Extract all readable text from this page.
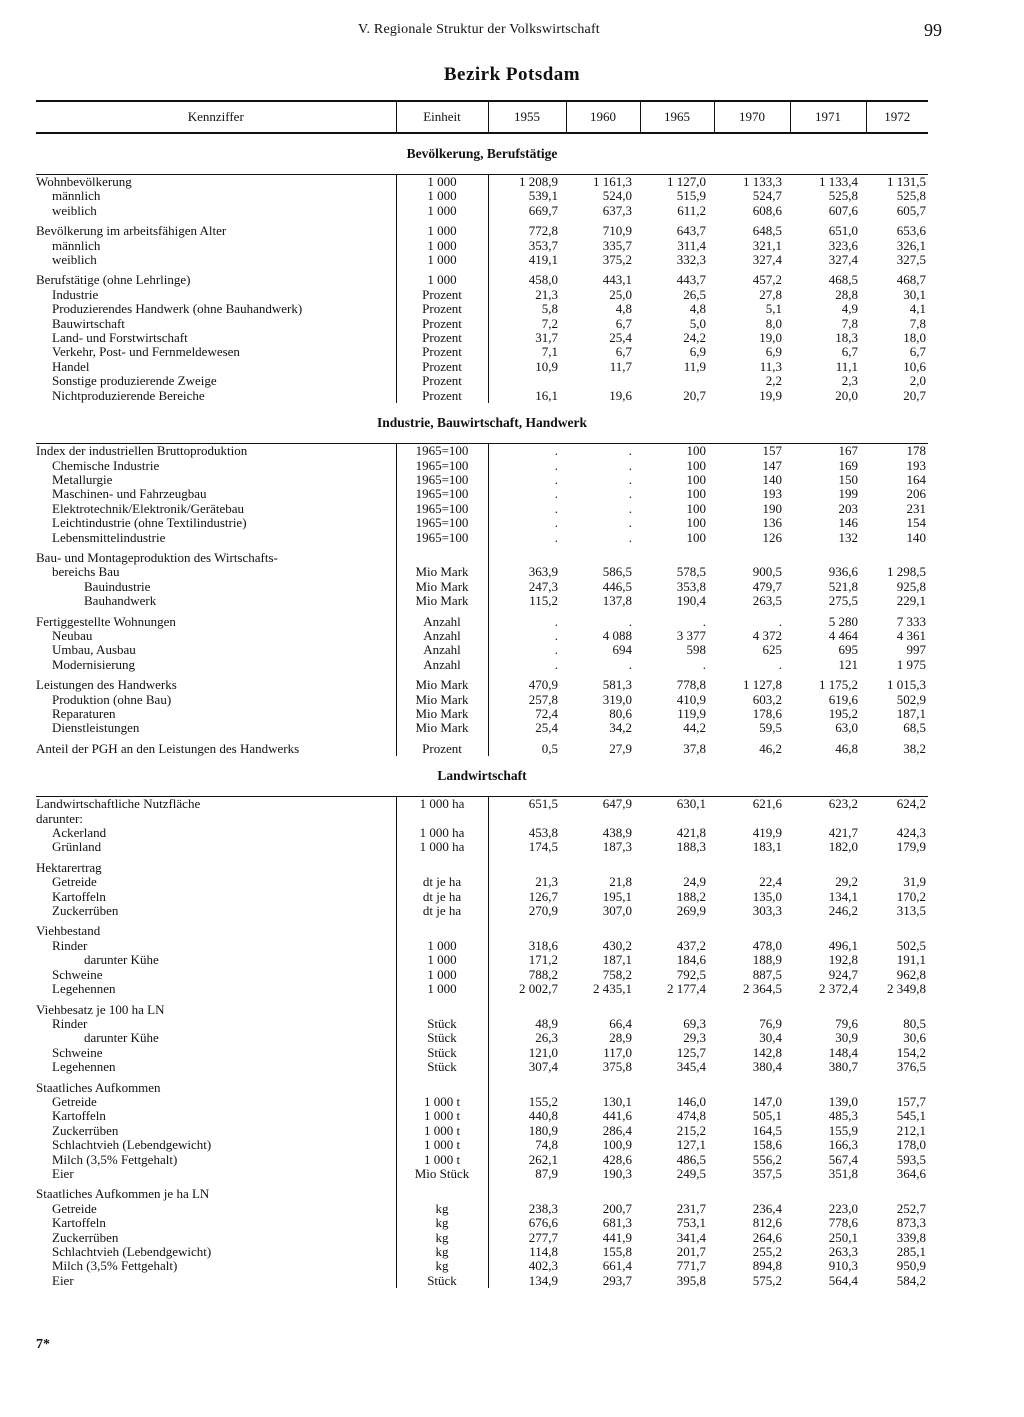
V. Regionale Struktur der Volkswirtschaft	99
Bezirk Potsdam
Kennziffer	Einheit	1955	1960	1965	1970	1971	1972
Bevölkerung, Berufstätige							
Wohnbevölkerung	1 000	1 208,9	1 161,3	1 127,0	1 133,3	1 133,4	1 131,5
männlich	1 000	539,1	524,0	515,9	524,7	525,8	525,8
weiblich	1 000	669,7	637,3	611,2	608,6	607,6	605,7

Bevölkerung im arbeitsfähigen Alter	1 000	772,8	710,9	643,7	648,5	651,0	653,6
männlich	1 000	353,7	335,7	311,4	321,1	323,6	326,1
weiblich	1 000	419,1	375,2	332,3	327,4	327,4	327,5

Berufstätige (ohne Lehrlinge)	1 000	458,0	443,1	443,7	457,2	468,5	468,7
Industrie	Prozent	21,3	25,0	26,5	27,8	28,8	30,1
Produzierendes Handwerk (ohne Bauhandwerk)	Prozent	5,8	4,8	4,8	5,1	4,9	4,1
Bauwirtschaft	Prozent	7,2	6,7	5,0	8,0	7,8	7,8
Land- und Forstwirtschaft	Prozent	31,7	25,4	24,2	19,0	18,3	18,0
Verkehr, Post- und Fernmeldewesen	Prozent	7,1	6,7	6,9	6,9	6,7	6,7
Handel	Prozent	10,9	11,7	11,9	11,3	11,1	10,6
Sonstige produzierende Zweige	Prozent				2,2	2,3	2,0
Nichtproduzierende Bereiche	Prozent	16,1	19,6	20,7	19,9	20,0	20,7
Industrie, Bauwirtschaft, Handwerk							
Index der industriellen Bruttoproduktion	1965=100	.	.	100	157	167	178
Chemische Industrie	1965=100	.	.	100	147	169	193
Metallurgie	1965=100	.	.	100	140	150	164
Maschinen- und Fahrzeugbau	1965=100	.	.	100	193	199	206
Elektrotechnik/Elektronik/Gerätebau	1965=100	.	.	100	190	203	231
Leichtindustrie (ohne Textilindustrie)	1965=100	.	.	100	136	146	154
Lebensmittelindustrie	1965=100	.	.	100	126	132	140

Bau- und Montageproduktion des Wirtschafts-							
bereichs Bau	Mio Mark	363,9	586,5	578,5	900,5	936,6	1 298,5
Bauindustrie	Mio Mark	247,3	446,5	353,8	479,7	521,8	925,8
Bauhandwerk	Mio Mark	115,2	137,8	190,4	263,5	275,5	229,1

Fertiggestellte Wohnungen	Anzahl	.	.	.	.	5 280	7 333
Neubau	Anzahl	.	4 088	3 377	4 372	4 464	4 361
Umbau, Ausbau	Anzahl	.	694	598	625	695	997
Modernisierung	Anzahl	.	.	.	.	121	1 975

Leistungen des Handwerks	Mio Mark	470,9	581,3	778,8	1 127,8	1 175,2	1 015,3
Produktion (ohne Bau)	Mio Mark	257,8	319,0	410,9	603,2	619,6	502,9
Reparaturen	Mio Mark	72,4	80,6	119,9	178,6	195,2	187,1
Dienstleistungen	Mio Mark	25,4	34,2	44,2	59,5	63,0	68,5

Anteil der PGH an den Leistungen des Handwerks	Prozent	0,5	27,9	37,8	46,2	46,8	38,2
Landwirtschaft							
Landwirtschaftliche Nutzfläche	1 000 ha	651,5	647,9	630,1	621,6	623,2	624,2
darunter:							
Ackerland	1 000 ha	453,8	438,9	421,8	419,9	421,7	424,3
Grünland	1 000 ha	174,5	187,3	188,3	183,1	182,0	179,9

Hektarertrag							
Getreide	dt je ha	21,3	21,8	24,9	22,4	29,2	31,9
Kartoffeln	dt je ha	126,7	195,1	188,2	135,0	134,1	170,2
Zuckerrüben	dt je ha	270,9	307,0	269,9	303,3	246,2	313,5

Viehbestand							
Rinder	1 000	318,6	430,2	437,2	478,0	496,1	502,5
darunter Kühe	1 000	171,2	187,1	184,6	188,9	192,8	191,1
Schweine	1 000	788,2	758,2	792,5	887,5	924,7	962,8
Legehennen	1 000	2 002,7	2 435,1	2 177,4	2 364,5	2 372,4	2 349,8

Viehbesatz je 100 ha LN							
Rinder	Stück	48,9	66,4	69,3	76,9	79,6	80,5
darunter Kühe	Stück	26,3	28,9	29,3	30,4	30,9	30,6
Schweine	Stück	121,0	117,0	125,7	142,8	148,4	154,2
Legehennen	Stück	307,4	375,8	345,4	380,4	380,7	376,5

Staatliches Aufkommen							
Getreide	1 000 t	155,2	130,1	146,0	147,0	139,0	157,7
Kartoffeln	1 000 t	440,8	441,6	474,8	505,1	485,3	545,1
Zuckerrüben	1 000 t	180,9	286,4	215,2	164,5	155,9	212,1
Schlachtvieh (Lebendgewicht)	1 000 t	74,8	100,9	127,1	158,6	166,3	178,0
Milch (3,5% Fettgehalt)	1 000 t	262,1	428,6	486,5	556,2	567,4	593,5
Eier	Mio Stück	87,9	190,3	249,5	357,5	351,8	364,6

Staatliches Aufkommen je ha LN							
Getreide	kg	238,3	200,7	231,7	236,4	223,0	252,7
Kartoffeln	kg	676,6	681,3	753,1	812,6	778,6	873,3
Zuckerrüben	kg	277,7	441,9	341,4	264,6	250,1	339,8
Schlachtvieh (Lebendgewicht)	kg	114,8	155,8	201,7	255,2	263,3	285,1
Milch (3,5% Fettgehalt)	kg	402,3	661,4	771,7	894,8	910,3	950,9
Eier	Stück	134,9	293,7	395,8	575,2	564,4	584,2
7*
